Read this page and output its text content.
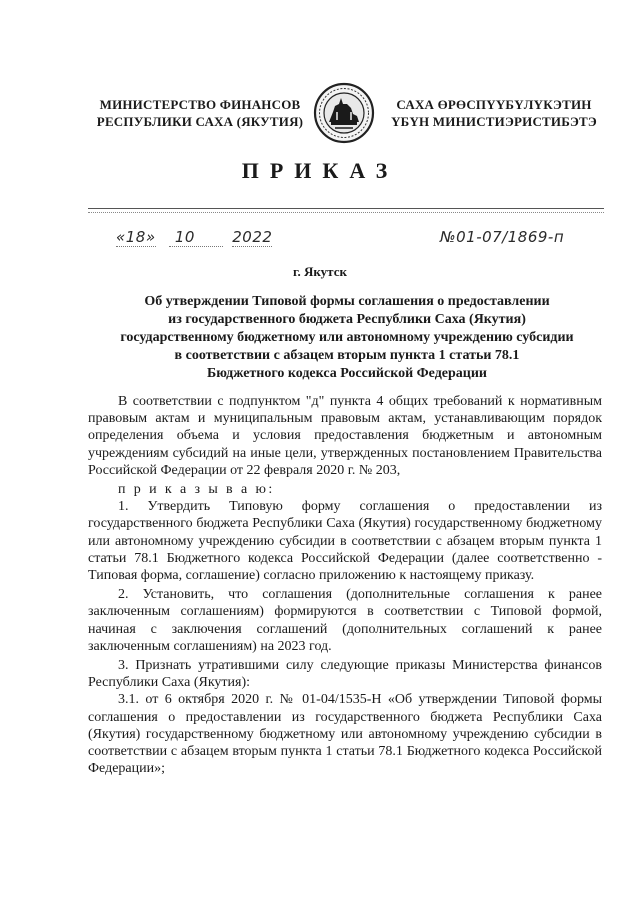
МИНИСТЕРСТВО ФИНАНСОВ
РЕСПУБЛИКИ САХА (ЯКУТИЯ)
САХА ӨРӨСПҮҮБҮЛҮКЭТИН
ҮБҮН МИНИСТИЭРИСТИБЭТЭ
ПРИКАЗ
«18» 10 2022	№01-07/1869-п
г. Якутск
Об утверждении Типовой формы соглашения о предоставлении
из государственного бюджета Республики Саха (Якутия)
государственному бюджетному или автономному учреждению субсидии
в соответствии с абзацем вторым пункта 1 статьи 78.1
Бюджетного кодекса Российской Федерации

В соответствии с подпунктом "д" пункта 4 общих требований к нормативным правовым актам и муниципальным правовым актам, устанавливающим порядок определения объема и условия предоставления бюджетным и автономным учреждениям субсидий на иные цели, утвержденных постановлением Правительства Российской Федерации от 22 февраля 2020 г. № 203,

п р и к а з ы в а ю:

1. Утвердить Типовую форму соглашения о предоставлении из государственного бюджета Республики Саха (Якутия) государственному бюджетному или автономному учреждению субсидии в соответствии с абзацем вторым пункта 1 статьи 78.1 Бюджетного кодекса Российской Федерации (далее соответственно - Типовая форма, соглашение) согласно приложению к настоящему приказу.

2. Установить, что соглашения (дополнительные соглашения к ранее заключенным соглашениям) формируются в соответствии с Типовой формой, начиная с заключения соглашений (дополнительных соглашений к ранее заключенным соглашениям) на 2023 год.

3. Признать утратившими силу следующие приказы Министерства финансов Республики Саха (Якутия):

3.1. от 6 октября 2020 г. № 01-04/1535-Н «Об утверждении Типовой формы соглашения о предоставлении из государственного бюджета Республики Саха (Якутия) государственному бюджетному или автономному учреждению субсидии в соответствии с абзацем вторым пункта 1 статьи 78.1 Бюджетного кодекса Российской Федерации»;
